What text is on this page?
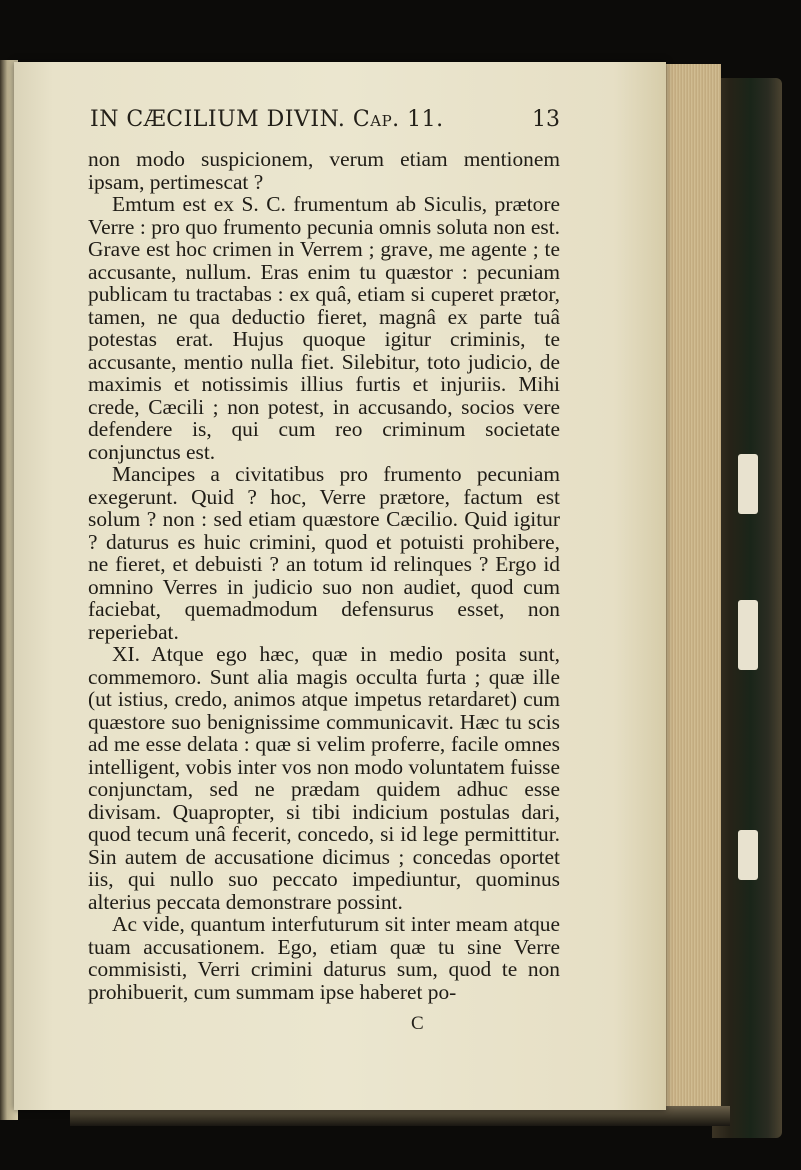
IN CÆCILIUM DIVIN. Cap. 11.	13

non modo suspicionem, verum etiam mentionem ipsam, pertimescat ?

Emtum est ex S. C. frumentum ab Siculis, prætore Verre : pro quo frumento pecunia omnis soluta non est. Grave est hoc crimen in Verrem ; grave, me agente ; te accusante, nullum. Eras enim tu quæstor : pecuniam publicam tu tractabas : ex quâ, etiam si cuperet prætor, tamen, ne qua deductio fieret, magnâ ex parte tuâ potestas erat. Hujus quoque igitur criminis, te accusante, mentio nulla fiet. Silebitur, toto judicio, de maximis et notissimis illius furtis et injuriis. Mihi crede, Cæcili ; non potest, in accusando, socios vere defendere is, qui cum reo criminum societate conjunctus est.

Mancipes a civitatibus pro frumento pecuniam exegerunt. Quid ? hoc, Verre prætore, factum est solum ? non : sed etiam quæstore Cæcilio. Quid igitur ? daturus es huic crimini, quod et potuisti prohibere, ne fieret, et debuisti ? an totum id relinques ? Ergo id omnino Verres in judicio suo non audiet, quod cum faciebat, quemadmodum defensurus esset, non reperiebat.

XI. Atque ego hæc, quæ in medio posita sunt, commemoro. Sunt alia magis occulta furta ; quæ ille (ut istius, credo, animos atque impetus retardaret) cum quæstore suo benignissime communicavit. Hæc tu scis ad me esse delata : quæ si velim proferre, facile omnes intelligent, vobis inter vos non modo voluntatem fuisse conjunctam, sed ne prædam quidem adhuc esse divisam. Quapropter, si tibi indicium postulas dari, quod tecum unâ fecerit, concedo, si id lege permittitur. Sin autem de accusatione dicimus ; concedas oportet iis, qui nullo suo peccato impediuntur, quominus alterius peccata demonstrare possint.

Ac vide, quantum interfuturum sit inter meam atque tuam accusationem. Ego, etiam quæ tu sine Verre commisisti, Verri crimini daturus sum, quod te non prohibuerit, cum summam ipse haberet po-

C
